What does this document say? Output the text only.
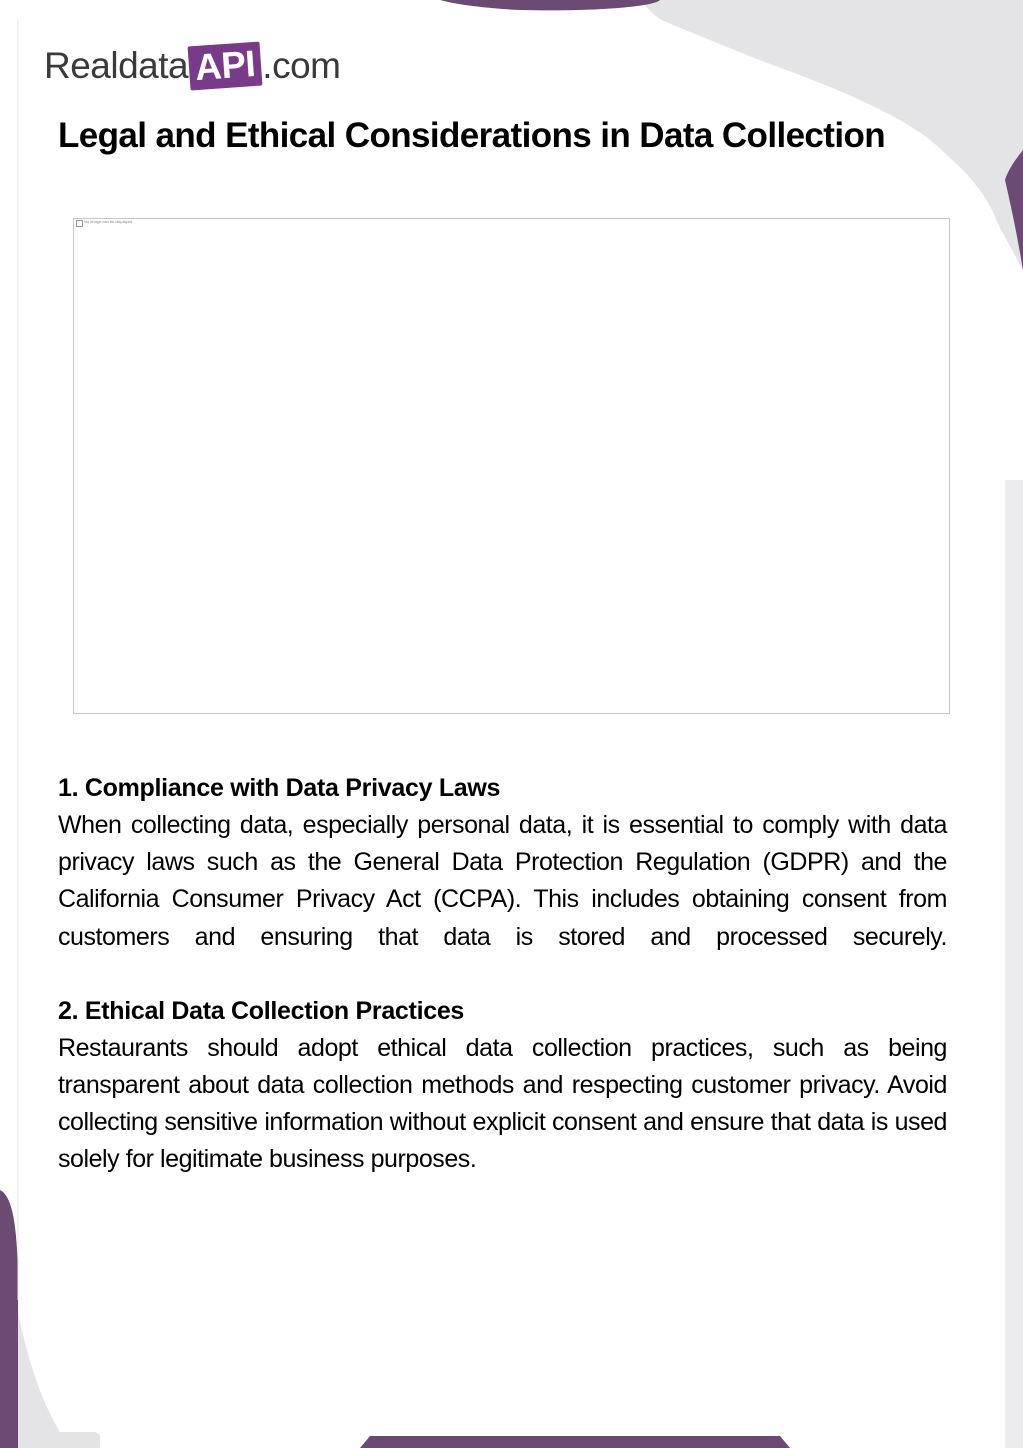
Realdata API .com
Legal and Ethical Considerations in Data Collection
No image can be displayed
1. Compliance with Data Privacy Laws

When collecting data, especially personal data, it is essential to comply with data privacy laws such as the General Data Protection Regulation (GDPR) and the California Consumer Privacy Act (CCPA). This includes obtaining consent from customers and ensuring that data is stored and processed securely.

2. Ethical Data Collection Practices

Restaurants should adopt ethical data collection practices, such as being transparent about data collection methods and respecting customer privacy. Avoid collecting sensitive information without explicit consent and ensure that data is used solely for legitimate business purposes.
